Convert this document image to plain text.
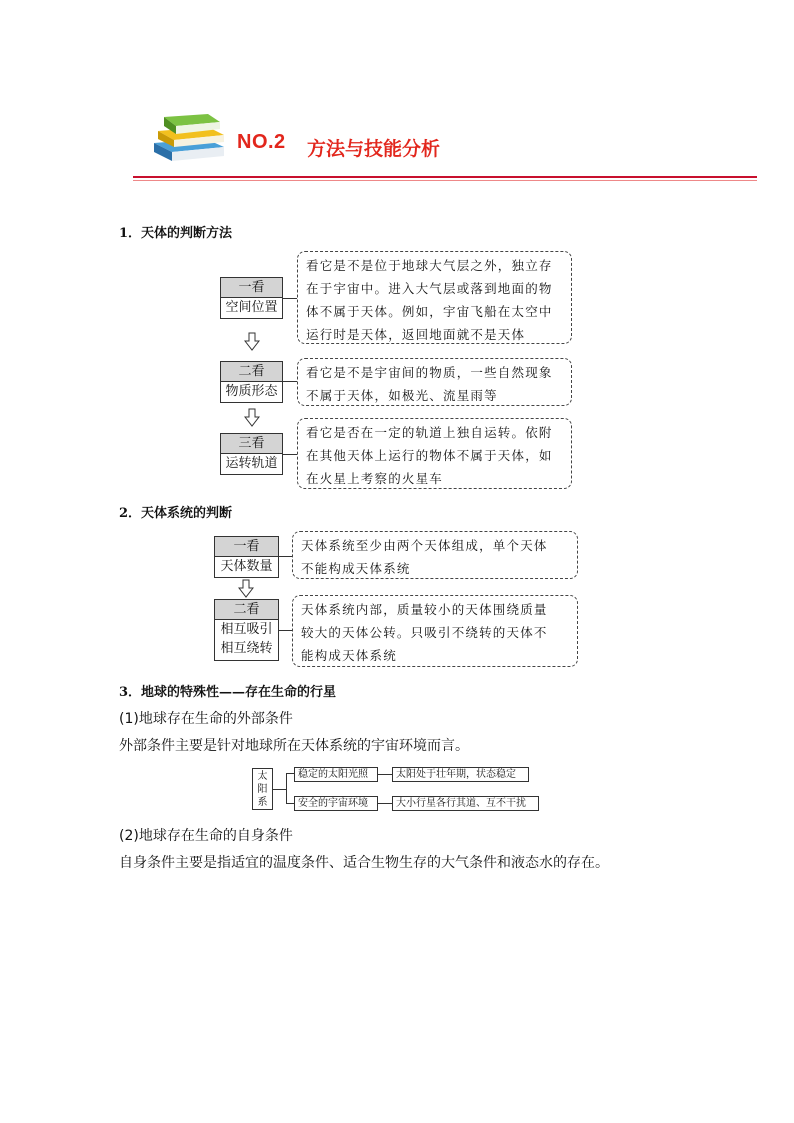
NO.2 方法与技能分析
1．天体的判断方法
一看
空间位置
看它是不是位于地球大气层之外，独立存
在于宇宙中。进入大气层或落到地面的物
体不属于天体。例如，宇宙飞船在太空中
运行时是天体，返回地面就不是天体
二看
物质形态
看它是不是宇宙间的物质，一些自然现象
不属于天体，如极光、流星雨等
三看
运转轨道
看它是否在一定的轨道上独自运转。依附
在其他天体上运行的物体不属于天体，如
在火星上考察的火星车
2．天体系统的判断
一看
天体数量
天体系统至少由两个天体组成，单个天体
不能构成天体系统
二看
相互吸引
相互绕转
天体系统内部，质量较小的天体围绕质量
较大的天体公转。只吸引不绕转的天体不
能构成天体系统
3．地球的特殊性——存在生命的行星
(1)地球存在生命的外部条件
外部条件主要是针对地球所在天体系统的宇宙环境而言。
太
阳
系
稳定的太阳光照	太阳处于壮年期，状态稳定
安全的宇宙环境	大小行星各行其道、互不干扰
(2)地球存在生命的自身条件
自身条件主要是指适宜的温度条件、适合生物生存的大气条件和液态水的存在。
